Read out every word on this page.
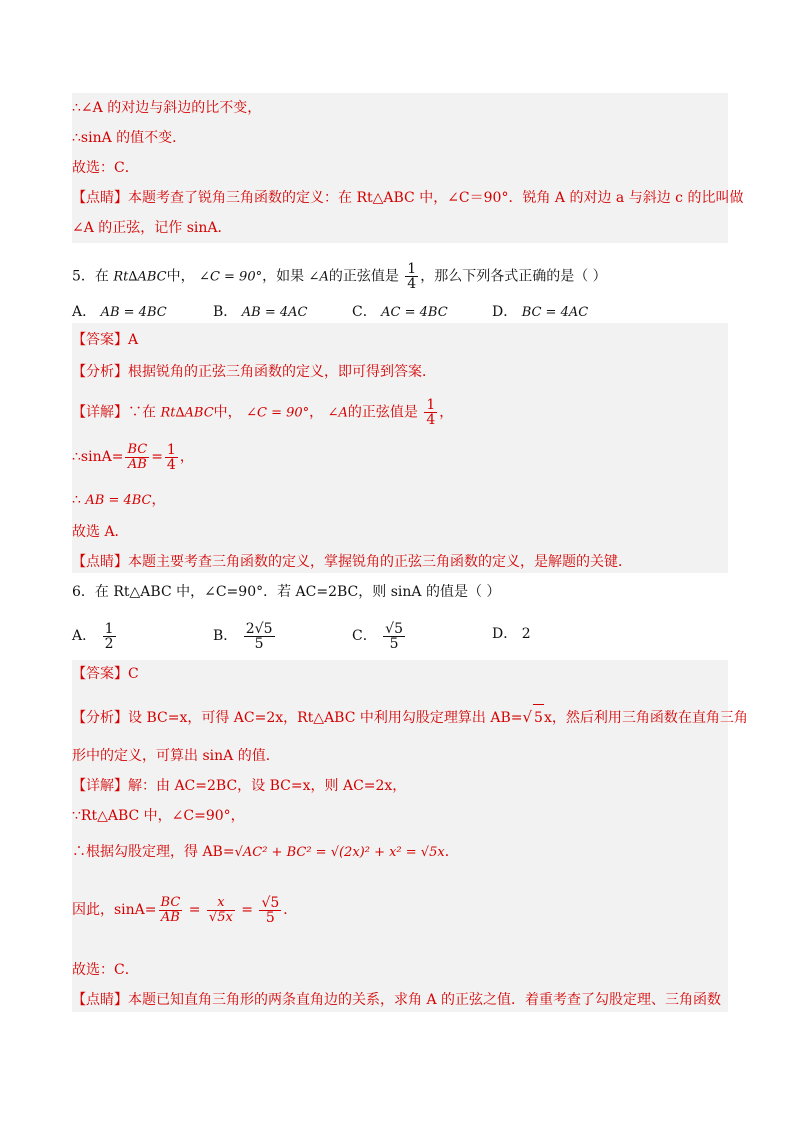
∴∠A 的对边与斜边的比不变，
∴sinA 的值不变．
故选：C．
【点睛】本题考查了锐角三角函数的定义：在 Rt△ABC 中，∠C＝90°．锐角 A 的对边 a 与斜边 c 的比叫做
∠A 的正弦，记作 sinA．
5．在 Rt∆ABC中， ∠C = 90°，如果 ∠A的正弦值是 $\frac{1}{4}$ ，那么下列各式正确的是（ ）
A． AB = 4BC	B． AB = 4AC	C． AC = 4BC	D． BC = 4AC
【答案】A
【分析】根据锐角的正弦三角函数的定义，即可得到答案．
【详解】∵在 Rt∆ABC中， ∠C = 90°， ∠A的正弦值是 $\frac{1}{4}$ ，
∴sinA= $\frac{BC}{AB} = \frac{1}{4}$ ，
∴ AB = 4BC，
故选 A．
【点睛】本题主要考查三角函数的定义，掌握锐角的正弦三角函数的定义，是解题的关键．
6．在 Rt△ABC 中，∠C=90°．若 AC=2BC，则 sinA 的值是（ ）
A． $\frac{1}{2}$	B． $\frac{2√5}{5}$	C． $\frac{√5}{5}$	D． 2
【答案】C
【分析】设 BC=x，可得 AC=2x，Rt△ABC 中利用勾股定理算出 AB=√ 5x，然后利用三角函数在直角三角
形中的定义，可算出 sinA 的值．
【详解】解：由 AC=2BC，设 BC=x，则 AC=2x，
∵Rt△ABC 中，∠C=90°，
∴根据勾股定理，得 AB=√AC² + BC² = √(2x)² + x² = √5x．
因此，$\sin A= \frac{BC}{AB} = \frac{x}{√5x} = \frac{√5}{5}$ ．
故选：C．
【点睛】本题已知直角三角形的两条直角边的关系，求角 A 的正弦之值．着重考查了勾股定理、三角函数
